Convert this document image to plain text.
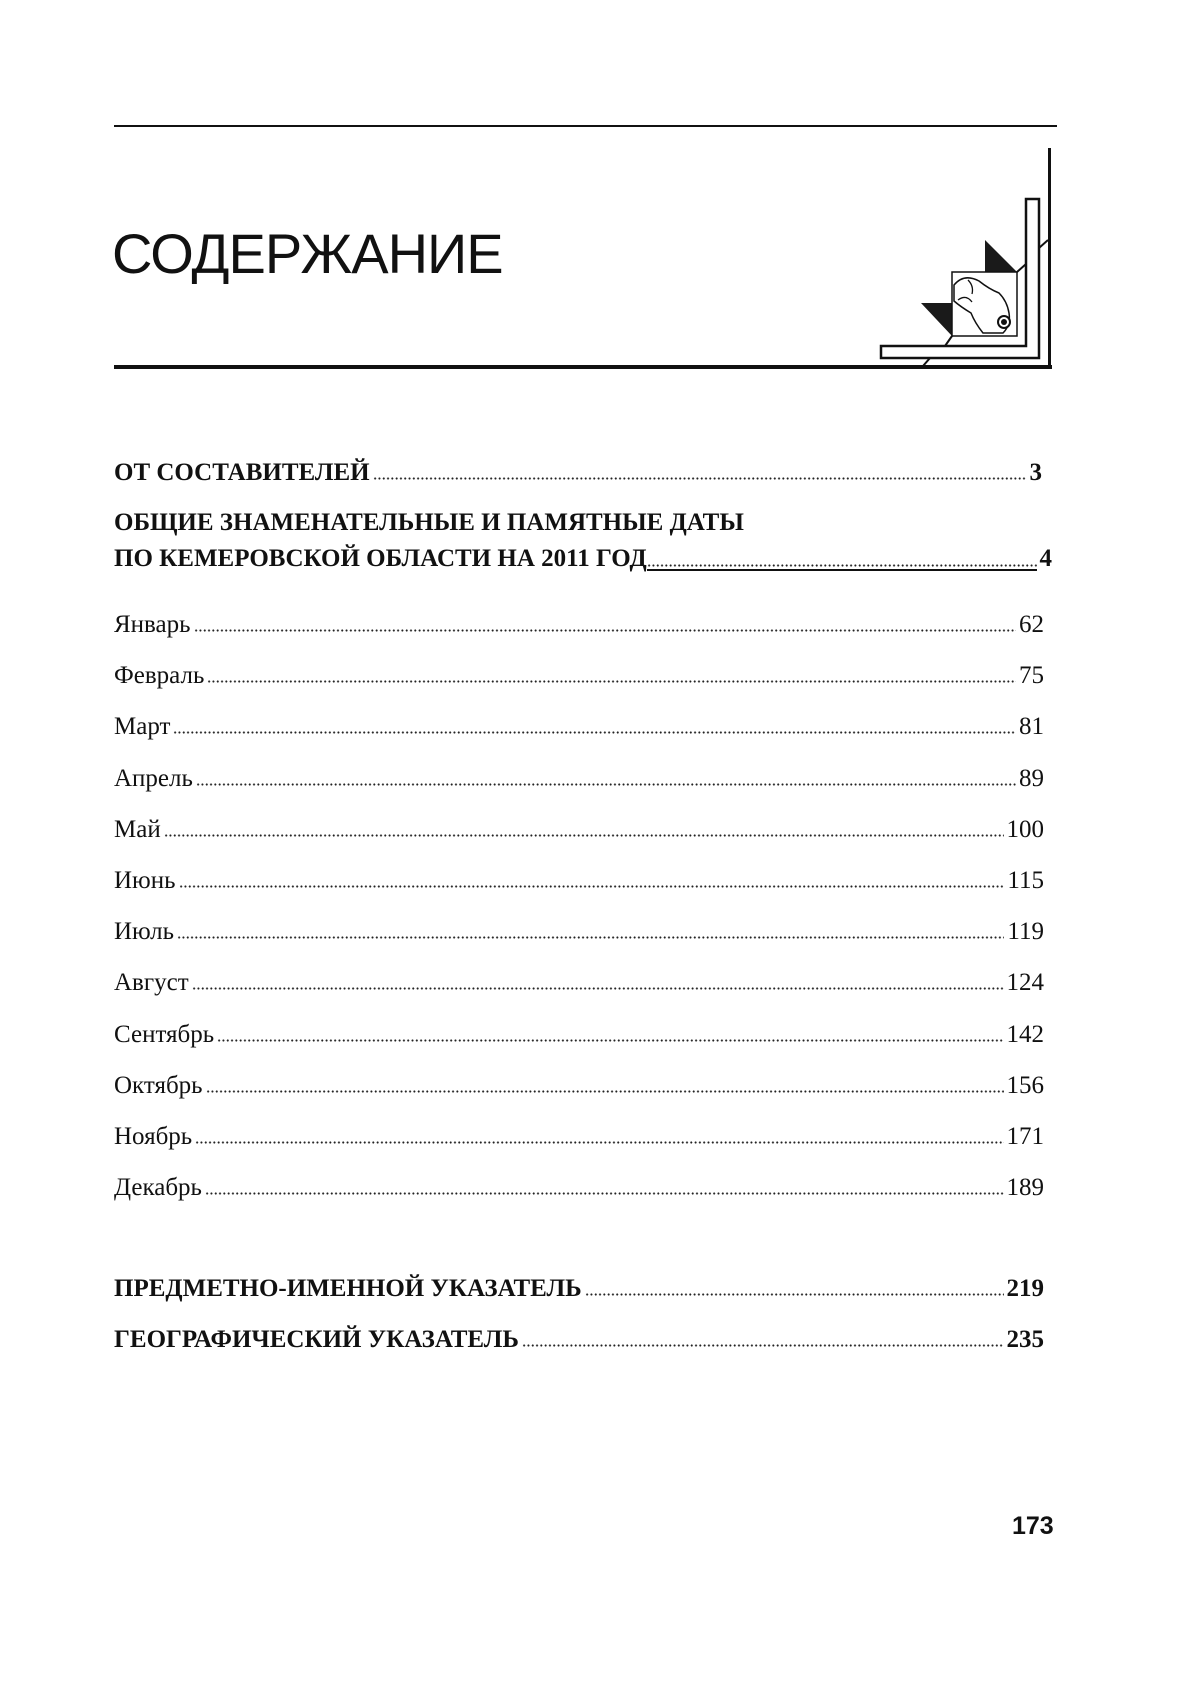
СОДЕРЖАНИЕ
ОТ СОСТАВИТЕЛЕЙ	3
ОБЩИЕ ЗНАМЕНАТЕЛЬНЫЕ И ПАМЯТНЫЕ ДАТЫ
ПО КЕМЕРОВСКОЙ ОБЛАСТИ НА 2011 ГОД	4
Январь	62
Февраль	75
Март	81
Апрель	89
Май	100
Июнь	115
Июль	119
Август	124
Сентябрь	142
Октябрь	156
Ноябрь	171
Декабрь	189
ПРЕДМЕТНО-ИМЕННОЙ УКАЗАТЕЛЬ	219
ГЕОГРАФИЧЕСКИЙ УКАЗАТЕЛЬ	235
173
